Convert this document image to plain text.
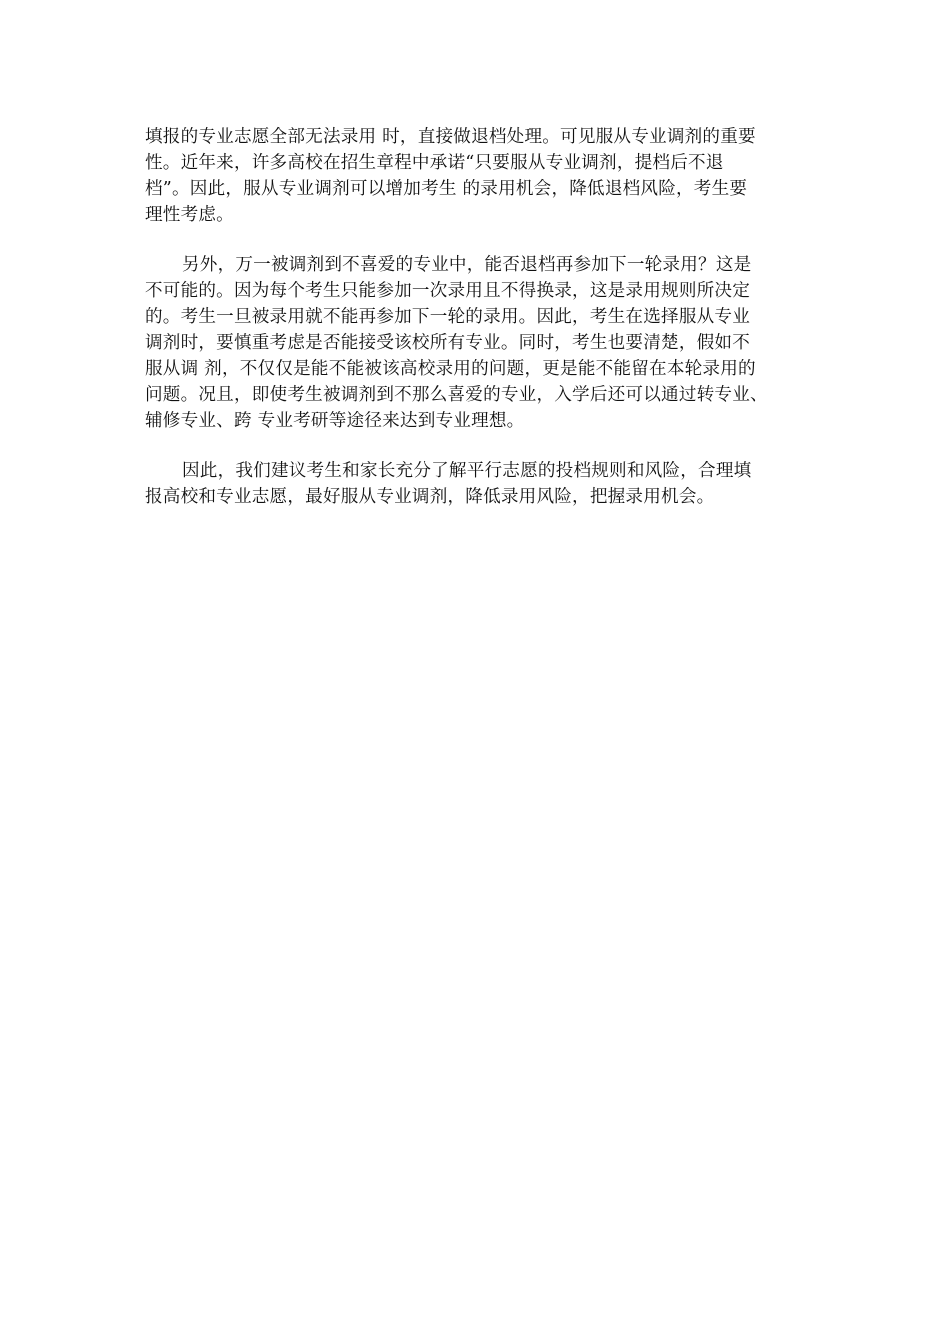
填报的专业志愿全部无法录用 时，直接做退档处理。可见服从专业调剂的重要
性。近年来，许多高校在招生章程中承诺“只要服从专业调剂，提档后不退
档”。因此，服从专业调剂可以增加考生 的录用机会，降低退档风险，考生要
理性考虑。

另外，万一被调剂到不喜爱的专业中，能否退档再参加下一轮录用？这是
不可能的。因为每个考生只能参加一次录用且不得换录，这是录用规则所决定
的。考生一旦被录用就不能再参加下一轮的录用。因此，考生在选择服从专业
调剂时，要慎重考虑是否能接受该校所有专业。同时，考生也要清楚，假如不
服从调 剂，不仅仅是能不能被该高校录用的问题，更是能不能留在本轮录用的
问题。况且，即使考生被调剂到不那么喜爱的专业，入学后还可以通过转专业、
辅修专业、跨 专业考研等途径来达到专业理想。

因此，我们建议考生和家长充分了解平行志愿的投档规则和风险，合理填
报高校和专业志愿，最好服从专业调剂，降低录用风险，把握录用机会。
